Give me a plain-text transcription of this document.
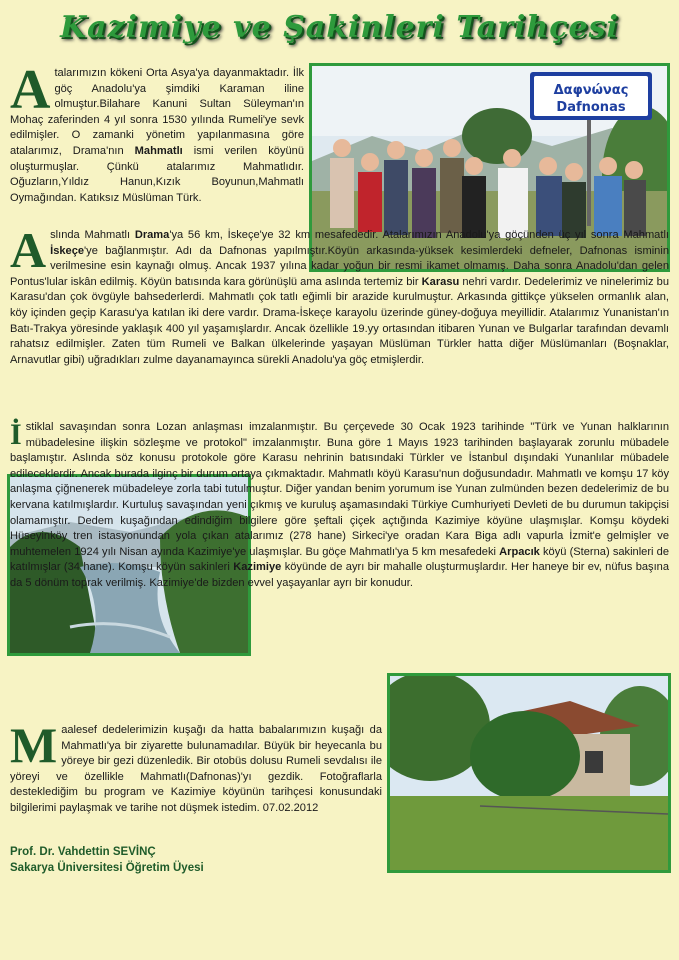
Kazimiye ve Şakinleri Tarihçesi
Δαφνώνας
Dafnonas

Atalarımızın kökeni Orta Asya'ya dayanmaktadır. İlk göç Anadolu'ya şimdiki Karaman iline olmuştur.Bilahare Kanuni Sultan Süleyman'ın Mohaç zaferinden 4 yıl sonra 1530 yılında Rumeli'ye sevk edilmişler. O zamanki yönetim yapılanmasına göre atalarımız, Drama'nın Mahmatlı ismi verilen köyünü oluşturmuşlar. Çünkü atalarımız Mahmatlıdır. Oğuzların,Yıldız Hanun,Kızık Boyunun,Mahmatlı Oymağından. Katıksız Müslüman Türk.

Aslında Mahmatlı Drama'ya 56 km, İskeçe'ye 32 km mesafededir. Atalarımızın Anadolu'ya göçünden üç yıl sonra Mahmatlı İskeçe'ye bağlanmıştır. Adı da Dafnonas yapılmıştır.Köyün arkasında-yüksek kesimlerdeki defneler, Dafnonas isminin verilmesine esin kaynağı olmuş. Ancak 1937 yılına kadar yoğun bir resmi ikamet olmamış. Daha sonra Anadolu'dan gelen Pontus'lular iskân edilmiş. Köyün batısında kara görünüşlü ama aslında tertemiz bir Karasu nehri vardır. Dedelerimiz ve ninelerimiz bu Karasu'dan çok övgüyle bahsederlerdi. Mahmatlı çok tatlı eğimli bir arazide kurulmuştur. Arkasında gittikçe yükselen ormanlık alan, köy içinden geçip Karasu'ya katılan iki dere vardır. Drama-İskeçe karayolu üzerinde güney-doğuya meyillidir. Atalarımız Yunanistan'ın Batı-Trakya yöresinde yaklaşık 400 yıl yaşamışlardır. Ancak özellikle 19.yy ortasından itibaren Yunan ve Bulgarlar tarafından devamlı rahatsız edilmişler. Zaten tüm Rumeli ve Balkan ülkelerinde yaşayan Müslüman Türkler hatta diğer Müslümanları (Boşnaklar, Arnavutlar gibi) uğradıkları zulme dayanamayınca sürekli Anadolu'ya göç etmişlerdir.

İstiklal savaşından sonra Lozan anlaşması imzalanmıştır. Bu çerçevede 30 Ocak 1923 tarihinde "Türk ve Yunan halklarının mübadelesine ilişkin sözleşme ve protokol" imzalanmıştır. Buna göre 1 Mayıs 1923 tarihinden başlayarak zorunlu mübadele başlamıştır. Aslında söz konusu protokole göre Karasu nehrinin batısındaki Türkler ve İstanbul dışındaki Yunanlılar mübadele edileceklerdir. Ancak burada ilginç bir durum ortaya çıkmaktadır. Mahmatlı köyü Karasu'nun doğusundadır. Mahmatlı ve komşu 17 köy anlaşma çiğnenerek mübadeleye zorla tabi tutulmuştur. Diğer yandan benim yorumum ise Yunan zulmünden bezen dedelerimiz de bu kervana katılmışlardır. Kurtuluş savaşından yeni çıkmış ve kuruluş aşamasındaki Türkiye Cumhuriyeti Devleti de bu durumun takipçisi olamamıştır. Dedem kuşağından edindiğim bilgilere göre şeftali çiçek açtığında Kazimiye köyüne ulaşmışlar. Komşu köydeki Hüseyinköy tren istasyonundan yola çıkan atalarımız (278 hane) Sirkeci'ye oradan Kara Biga adlı vapurla İzmit'e gelmişler ve muhtemelen 1924 yılı Nisan ayında Kazimiye'ye ulaşmışlar. Bu göçe Mahmatlı'ya 5 km mesafedeki Arpacık köyü (Sterna) sakinleri de katılmışlar (34 hane). Komşu köyün sakinleri Kazimiye köyünde de ayrı bir mahalle oluşturmuşlardır. Her haneye bir ev, nüfus başına da 5 dönüm toprak verilmiş. Kazimiye'de bizden evvel yaşayanlar ayrı bir konudur.

Maalesef dedelerimizin kuşağı da hatta babalarımızın kuşağı da Mahmatlı'ya bir ziyarette bulunamadılar. Büyük bir heyecanla bu yöreye bir gezi düzenledik. Bir otobüs dolusu Rumeli sevdalısı ile yöreyi ve özellikle Mahmatlı(Dafnonas)'yı gezdik. Fotoğraflarla desteklediğim bu program ve Kazimiye köyünün tarihçesi konusundaki bilgilerimi paylaşmak ve tarihe not düşmek istedim. 07.02.2012

Prof. Dr. Vahdettin SEVİNÇ
Sakarya Üniversitesi Öğretim Üyesi
